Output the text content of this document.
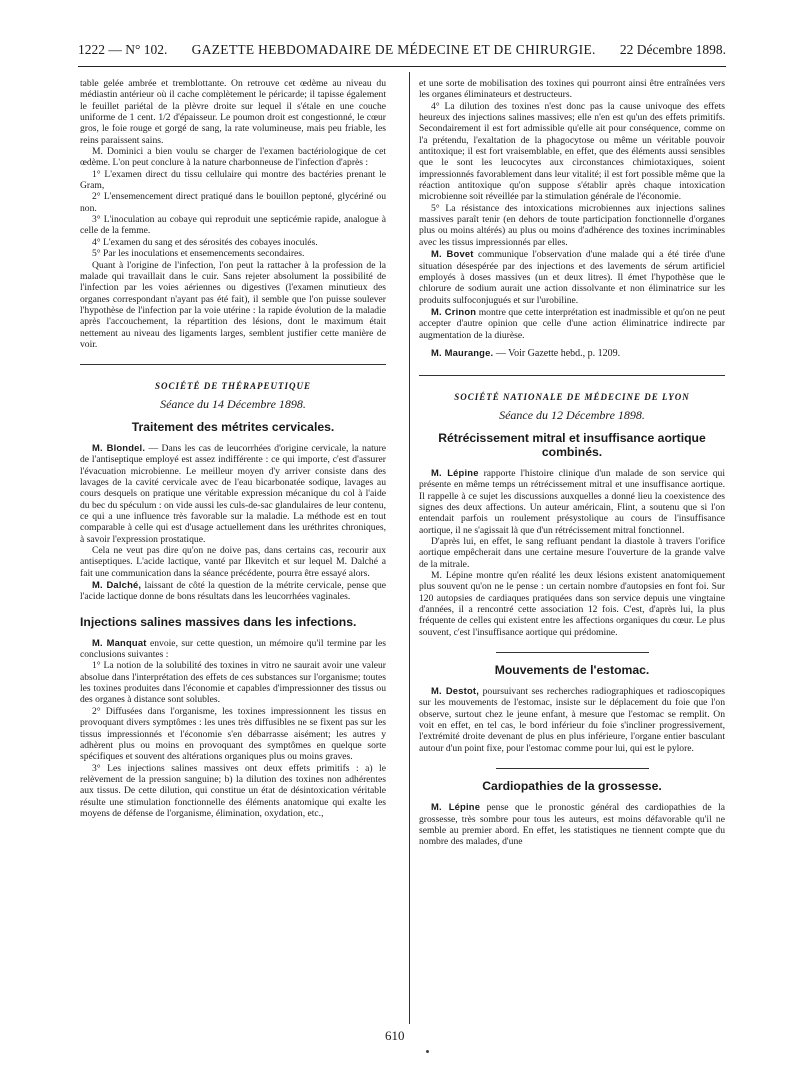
1222 — N° 102. GAZETTE HEBDOMADAIRE DE MÉDECINE ET DE CHIRURGIE. 22 Décembre 1898.

table gelée ambrée et tremblottante. On retrouve cet œdème au niveau du médiastin antérieur où il cache complètement le péricarde; il tapisse également le feuillet pariétal de la plèvre droite sur lequel il s'étale en une couche uniforme de 1 cent. 1/2 d'épaisseur. Le poumon droit est congestionné, le cœur gros, le foie rouge et gorgé de sang, la rate volumineuse, mais peu friable, les reins paraissent sains.

M. Dominici a bien voulu se charger de l'examen bactériologique de cet œdème. L'on peut conclure à la nature charbonneuse de l'infection d'après :

1° L'examen direct du tissu cellulaire qui montre des bactéries prenant le Gram,

2° L'ensemencement direct pratiqué dans le bouillon peptoné, glycériné ou non.

3° L'inoculation au cobaye qui reproduit une septicémie rapide, analogue à celle de la femme.

4° L'examen du sang et des sérosités des cobayes inoculés.

5° Par les inoculations et ensemencements secondaires.

Quant à l'origine de l'infection, l'on peut la rattacher à la profession de la malade qui travaillait dans le cuir. Sans rejeter absolument la possibilité de l'infection par les voies aériennes ou digestives (l'examen minutieux des organes correspondant n'ayant pas été fait), il semble que l'on puisse soulever l'hypothèse de l'infection par la voie utérine : la rapide évolution de la maladie après l'accouchement, la répartition des lésions, dont le maximum était nettement au niveau des ligaments larges, semblent justifier cette manière de voir.

SOCIÉTÉ DE THÉRAPEUTIQUE
Séance du 14 Décembre 1898.
Traitement des métrites cervicales.

M. Blondel. — Dans les cas de leucorrhées d'origine cervicale, la nature de l'antiseptique employé est assez indifférente : ce qui importe, c'est d'assurer l'évacuation microbienne. Le meilleur moyen d'y arriver consiste dans des lavages de la cavité cervicale avec de l'eau bicarbonatée sodique, lavages au cours desquels on pratique une véritable expression mécanique du col à l'aide du bec du spéculum : on vide aussi les culs-de-sac glandulaires de leur contenu, ce qui a une influence très favorable sur la maladie. La méthode est en tout comparable à celle qui est d'usage actuellement dans les uréthrites chroniques, à savoir l'expression prostatique.

Cela ne veut pas dire qu'on ne doive pas, dans certains cas, recourir aux antiseptiques. L'acide lactique, vanté par Ilkevitch et sur lequel M. Dalché a fait une communication dans la séance précédente, pourra être essayé alors.

M. Dalché, laissant de côté la question de la métrite cervicale, pense que l'acide lactique donne de bons résultats dans les leucorrhées vaginales.

Injections salines massives dans les infections.

M. Manquat envoie, sur cette question, un mémoire qu'il termine par les conclusions suivantes :

1° La notion de la solubilité des toxines in vitro ne saurait avoir une valeur absolue dans l'interprétation des effets de ces substances sur l'organisme; toutes les toxines produites dans l'économie et capables d'impressionner des tissus ou des organes à distance sont solubles.

2° Diffusées dans l'organisme, les toxines impressionnent les tissus en provoquant divers symptômes : les unes très diffusibles ne se fixent pas sur les tissus impressionnés et l'économie s'en débarrasse aisément; les autres y adhèrent plus ou moins en provoquant des symptômes en quelque sorte spécifiques et souvent des altérations organiques plus ou moins graves.

3° Les injections salines massives ont deux effets primitifs : a) le relèvement de la pression sanguine; b) la dilution des toxines non adhérentes aux tissus. De cette dilution, qui constitue un état de désintoxication véritable résulte une stimulation fonctionnelle des éléments anatomique qui exalte les moyens de défense de l'organisme, élimination, oxydation, etc.,

et une sorte de mobilisation des toxines qui pourront ainsi être entraînées vers les organes éliminateurs et destructeurs.

4° La dilution des toxines n'est donc pas la cause univoque des effets heureux des injections salines massives; elle n'en est qu'un des effets primitifs. Secondairement il est fort admissible qu'elle ait pour conséquence, comme on l'a prétendu, l'exaltation de la phagocytose ou même un véritable pouvoir antitoxique; il est fort vraisemblable, en effet, que des éléments aussi sensibles que le sont les leucocytes aux circonstances chimiotaxiques, soient impressionnés favorablement dans leur vitalité; il est fort possible même que la réaction antitoxique qu'on suppose s'établir après chaque intoxication microbienne soit réveillée par la stimulation générale de l'économie.

5° La résistance des intoxications microbiennes aux injections salines massives paraît tenir (en dehors de toute participation fonctionnelle d'organes plus ou moins altérés) au plus ou moins d'adhérence des toxines incriminables avec les tissus impressionnés par elles.

M. Bovet communique l'observation d'une malade qui a été tirée d'une situation désespérée par des injections et des lavements de sérum artificiel employés à doses massives (un et deux litres). Il émet l'hypothèse que le chlorure de sodium aurait une action dissolvante et non éliminatrice sur les produits sulfoconjugués et sur l'urobiline.

M. Crinon montre que cette interprétation est inadmissible et qu'on ne peut accepter d'autre opinion que celle d'une action éliminatrice indirecte par augmentation de la diurèse.

M. Maurange. — Voir Gazette hebd., p. 1209.

SOCIÉTÉ NATIONALE DE MÉDECINE DE LYON
Séance du 12 Décembre 1898.
Rétrécissement mitral et insuffisance aortique combinés.

M. Lépine rapporte l'histoire clinique d'un malade de son service qui présente en même temps un rétrécissement mitral et une insuffisance aortique. Il rappelle à ce sujet les discussions auxquelles a donné lieu la coexistence des signes des deux affections. Un auteur américain, Flint, a soutenu que si l'on entendait parfois un roulement présystolique au cours de l'insuffisance aortique, il ne s'agissait là que d'un rétrécissement mitral fonctionnel.

D'après lui, en effet, le sang refluant pendant la diastole à travers l'orifice aortique empêcherait dans une certaine mesure l'ouverture de la grande valve de la mitrale.

M. Lépine montre qu'en réalité les deux lésions existent anatomiquement plus souvent qu'on ne le pense : un certain nombre d'autopsies en font foi. Sur 120 autopsies de cardiaques pratiquées dans son service depuis une vingtaine d'années, il a rencontré cette association 12 fois. C'est, d'après lui, la plus fréquente de celles qui existent entre les affections organiques du cœur. Le plus souvent, c'est l'insuffisance aortique qui prédomine.

Mouvements de l'estomac.

M. Destot, poursuivant ses recherches radiographiques et radioscopiques sur les mouvements de l'estomac, insiste sur le déplacement du foie que l'on observe, surtout chez le jeune enfant, à mesure que l'estomac se remplit. On voit en effet, en tel cas, le bord inférieur du foie s'incliner progressivement, l'extrémité droite devenant de plus en plus inférieure, l'organe entier basculant autour d'un point fixe, pour l'estomac comme pour lui, qui est le pylore.

Cardiopathies de la grossesse.

M. Lépine pense que le pronostic général des cardiopathies de la grossesse, très sombre pour tous les auteurs, est moins défavorable qu'il ne semble au premier abord. En effet, les statistiques ne tiennent compte que du nombre des malades, d'une

610
